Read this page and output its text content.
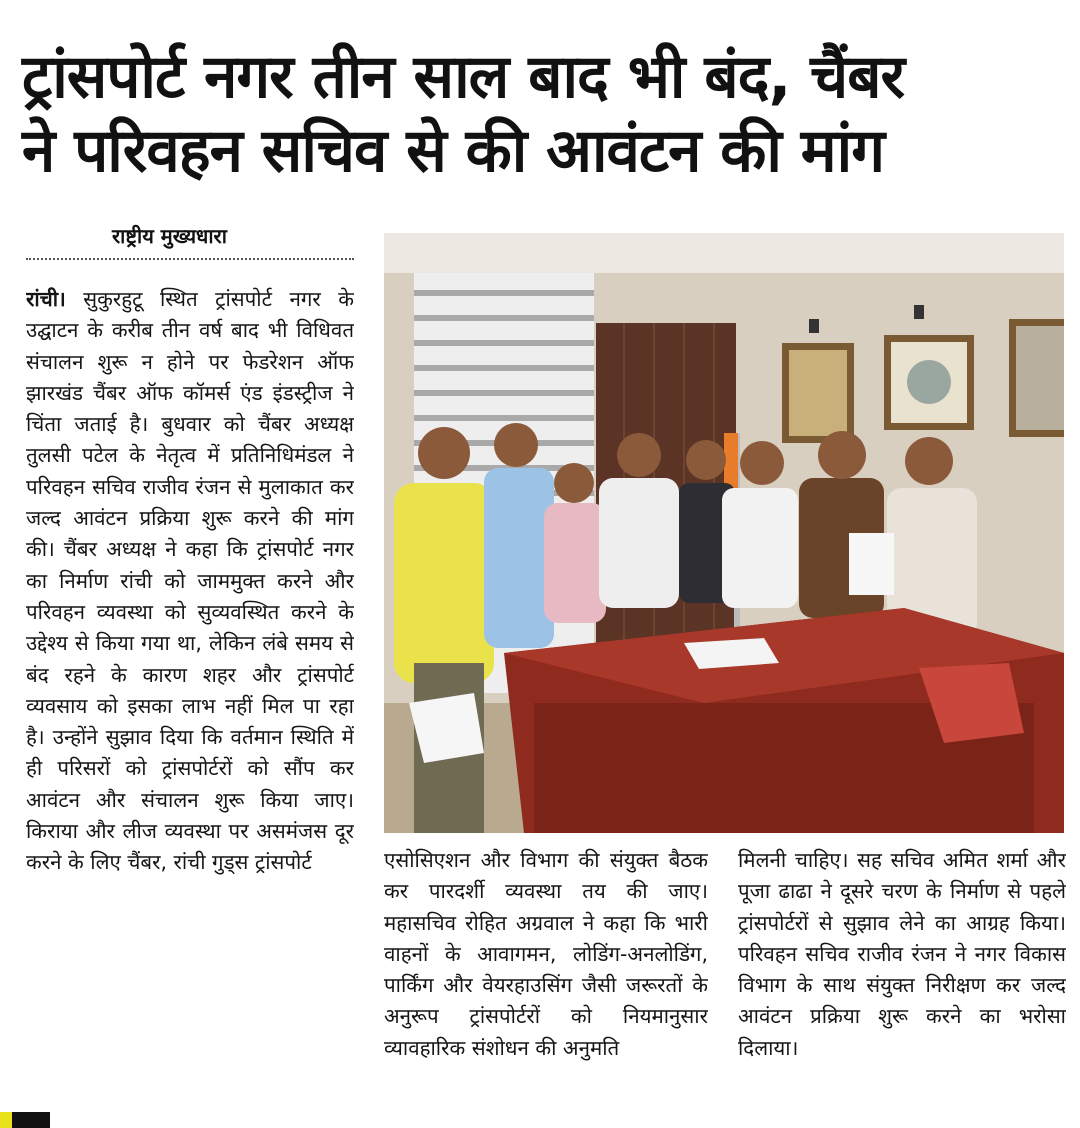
ट्रांसपोर्ट नगर तीन साल बाद भी बंद, चैंबर
ने परिवहन सचिव से की आवंटन की मांग
राष्ट्रीय मुख्यधारा
रांची। सुकुरहुटू स्थित ट्रांसपोर्ट नगर के उद्घाटन के करीब तीन वर्ष बाद भी विधिवत संचालन शुरू न होने पर फेडरेशन ऑफ झारखंड चैंबर ऑफ कॉमर्स एंड इंडस्ट्रीज ने चिंता जताई है। बुधवार को चैंबर अध्यक्ष तुलसी पटेल के नेतृत्व में प्रतिनिधिमंडल ने परिवहन सचिव राजीव रंजन से मुलाकात कर जल्द आवंटन प्रक्रिया शुरू करने की मांग की। चैंबर अध्यक्ष ने कहा कि ट्रांसपोर्ट नगर का निर्माण रांची को जाममुक्त करने और परिवहन व्यवस्था को सुव्यवस्थित करने के उद्देश्य से किया गया था, लेकिन लंबे समय से बंद रहने के कारण शहर और ट्रांसपोर्ट व्यवसाय को इसका लाभ नहीं मिल पा रहा है। उन्होंने सुझाव दिया कि वर्तमान स्थिति में ही परिसरों को ट्रांसपोर्टरों को सौंप कर आवंटन और संचालन शुरू किया जाए। किराया और लीज व्यवस्था पर असमंजस दूर करने के लिए चैंबर, रांची गुड्स ट्रांसपोर्ट	एसोसिएशन और विभाग की संयुक्त बैठक कर पारदर्शी व्यवस्था तय की जाए। महासचिव रोहित अग्रवाल ने कहा कि भारी वाहनों के आवागमन, लोडिंग-अनलोडिंग, पार्किंग और वेयरहाउसिंग जैसी जरूरतों के अनुरूप ट्रांसपोर्टरों को नियमानुसार व्यावहारिक संशोधन की अनुमति
मिलनी चाहिए। सह सचिव अमित शर्मा और पूजा ढाढा ने दूसरे चरण के निर्माण से पहले ट्रांसपोर्टरों से सुझाव लेने का आग्रह किया। परिवहन सचिव राजीव रंजन ने नगर विकास विभाग के साथ संयुक्त निरीक्षण कर जल्द आवंटन प्रक्रिया शुरू करने का भरोसा दिलाया।
